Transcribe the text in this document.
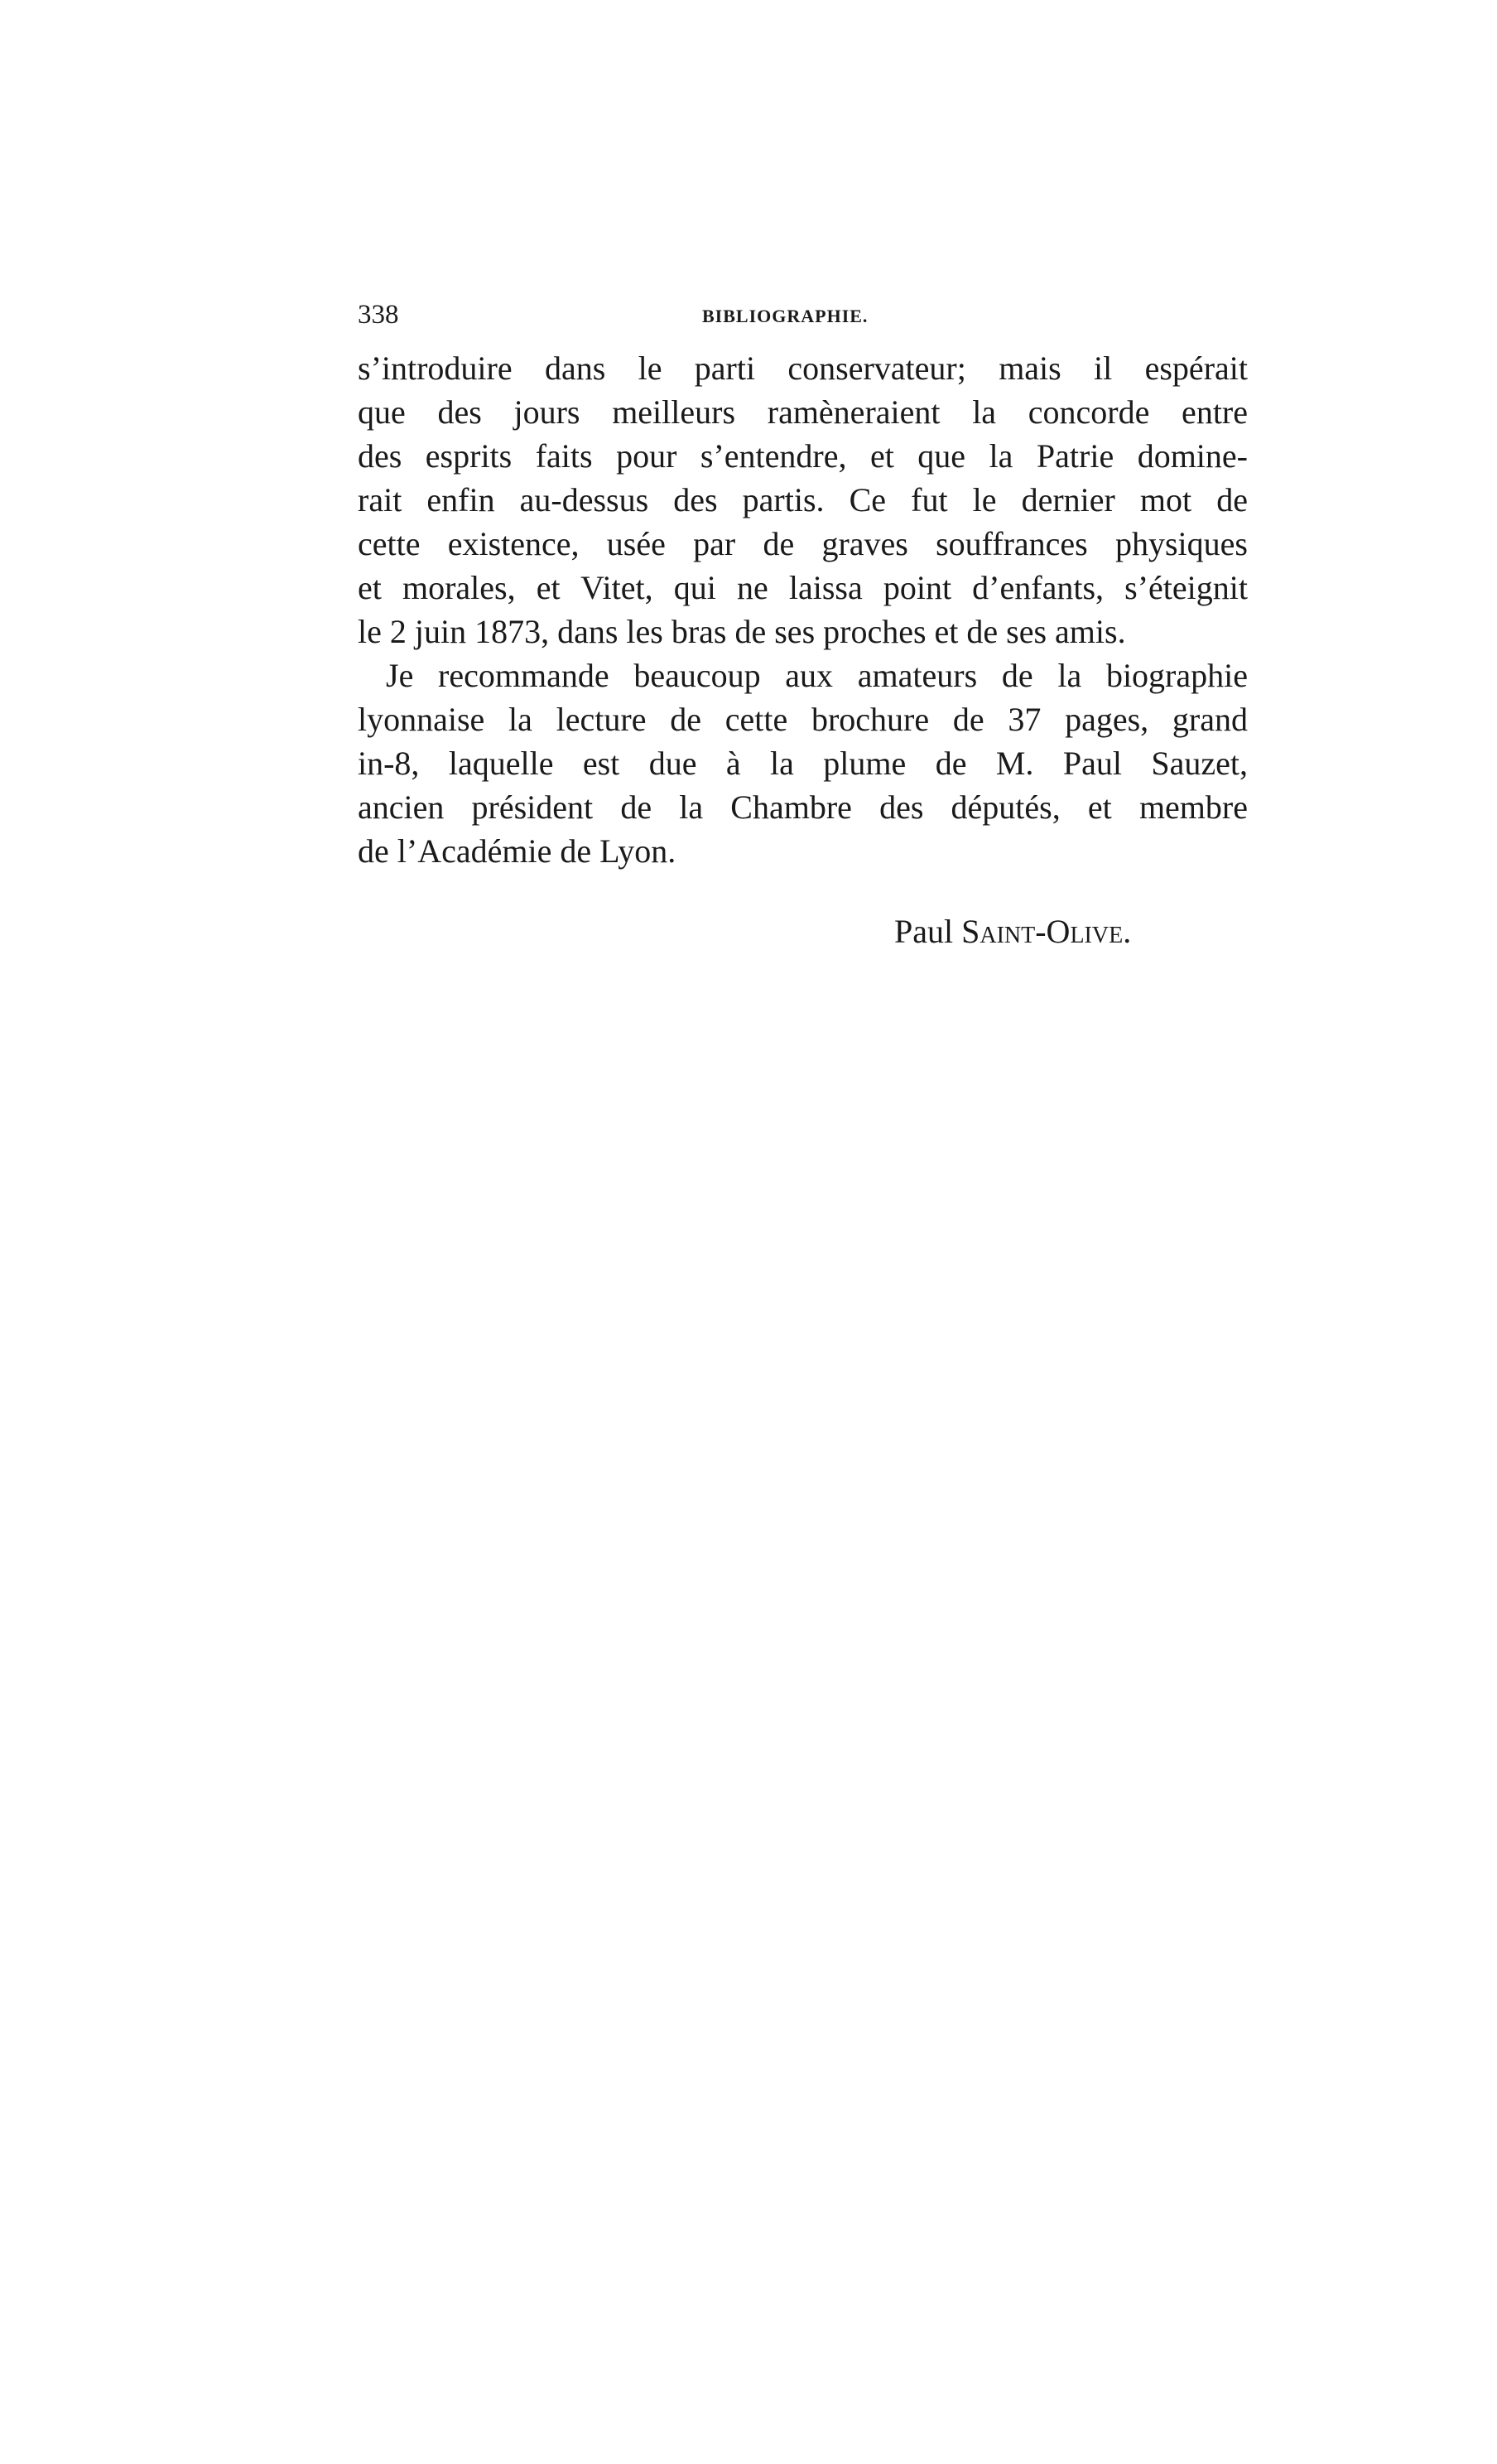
338	BIBLIOGRAPHIE.
s’introduire dans le parti conservateur; mais il espérait
que des jours meilleurs ramèneraient la concorde entre
des esprits faits pour s’entendre, et que la Patrie domine-
rait enfin au-dessus des partis. Ce fut le dernier mot de
cette existence, usée par de graves souffrances physiques
et morales, et Vitet, qui ne laissa point d’enfants, s’éteignit
le 2 juin 1873, dans les bras de ses proches et de ses amis.
Je recommande beaucoup aux amateurs de la biographie
lyonnaise la lecture de cette brochure de 37 pages, grand
in-8, laquelle est due à la plume de M. Paul Sauzet,
ancien président de la Chambre des députés, et membre
de l’Académie de Lyon.
Paul Saint-Olive.
